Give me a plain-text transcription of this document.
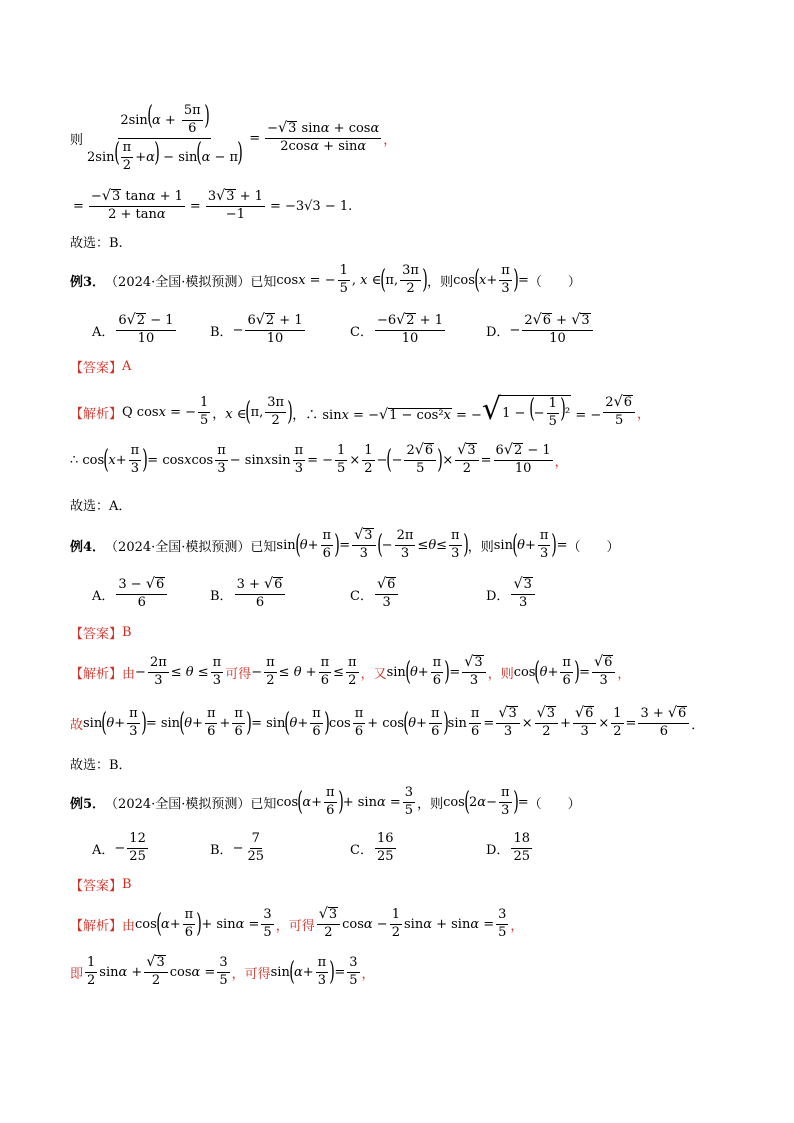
则 $\frac{2\sin(\alpha + \frac{5\pi}{6} )}{2\sin( \frac{\pi}{2} +\alpha) - \sin(\alpha - \pi)} = \frac{- √ 3 \sin\alpha + \cos\alpha}{2\cos\alpha + \sin\alpha}$ ，
= $\frac{- √ 3 \tan\alpha + 1}{2 + \tan\alpha} = \frac{3 √ 3 + 1}{-1} = -3√3 - 1$.
故选：B.
例3． （2024·全国·模拟预测）已知 cosx = − $\frac{1}{5}$ , x ∈ ( π, $\frac{3\pi}{2}$ ) ，则 cos ( $x + \frac{\pi}{3}$ ) = （　　）
A． $\frac{6 √ 2 - 1}{10}$	B． − $\frac{6 √ 2 + 1}{10}$	C． $\frac{-6 √ 2 + 1}{10}$	D． − $\frac{2 √ 6 + √ 3}{10}$
【答案】 A
【解析】 Q cosx = − $\frac{1}{5}$ ，x ∈ ( π, $\frac{3\pi}{2}$ ) ，∴ sinx = − √ 1 − cos²x = − √ 1 − (− $\frac{1}{5} )^2$ = − $\frac{2 √ 6}{5}$ ，
∴ cos ( $x + \frac{\pi}{3}$ ) = cosxcos $\frac{\pi}{3}$ − sinxsin $\frac{\pi}{3}$ = − $\frac{1}{5} \times \frac{1}{2}$ − ( − $\frac{2 √ 6}{5}$ ) × $\frac{√ 3}{2} = \frac{6 √ 2 - 1}{10}$ ，
故选：A．
例4． （2024·全国·模拟预测）已知 sin ( $\theta + \frac{\pi}{6}$ ) = $\frac{√ 3}{3}$ ( − $\frac{2\pi}{3} \le \theta \le \frac{\pi}{3}$ ) ，则 sin ( $\theta + \frac{\pi}{3}$ ) = （　　）
A． $\frac{3 - √ 6}{6}$	B． $\frac{3 + √ 6}{6}$	C． $\frac{√ 6}{3}$	D． $\frac{√ 3}{3}$
【答案】 B
【解析】 由 − $\frac{2\pi}{3} \le \theta \le \frac{\pi}{3}$ 可得 − $\frac{\pi}{2} \le \theta + \frac{\pi}{6} \le \frac{\pi}{2}$ ，又 sin ( $\theta + \frac{\pi}{6}$ ) = $\frac{√ 3}{3}$ ，则 cos ( $\theta + \frac{\pi}{6}$ ) = $\frac{√ 6}{3}$ ，
故 sin ( $\theta + \frac{\pi}{3}$ ) = sin ( $\theta + \frac{\pi}{6} + \frac{\pi}{6}$ ) = sin ( $\theta + \frac{\pi}{6}$ ) $\cos \frac{\pi}{6} + \cos$ ( $\theta + \frac{\pi}{6}$ ) $\sin \frac{\pi}{6} = \frac{√ 3}{3} \times \frac{√ 3}{2} + \frac{√ 6}{3} \times \frac{1}{2} = \frac{3 + √ 6}{6}$ ．
故选：B．
例5． （2024·全国·模拟预测）已知 cos ( $\alpha + \frac{\pi}{6}$ ) + $\sin\alpha = \frac{3}{5}$ ，则 cos ( 2 $\alpha - \frac{\pi}{3}$ ) = （　　）
A． − $\frac{12}{25}$	B． − $\frac{7}{25}$	C． $\frac{16}{25}$	D． $\frac{18}{25}$
【答案】 B
【解析】 由 cos ( $\alpha + \frac{\pi}{6}$ ) + $\sin\alpha = \frac{3}{5}$ ，可得 $\frac{√ 3}{2}$ $\cos\alpha - \frac{1}{2}$ $\sin\alpha + \sin\alpha = \frac{3}{5}$ ，
即 $\frac{1}{2}$ $\sin\alpha + \frac{√ 3}{2}$ $\cos\alpha = \frac{3}{5}$ ，可得 sin ( $\alpha + \frac{\pi}{3}$ ) = $\frac{3}{5}$ ，
